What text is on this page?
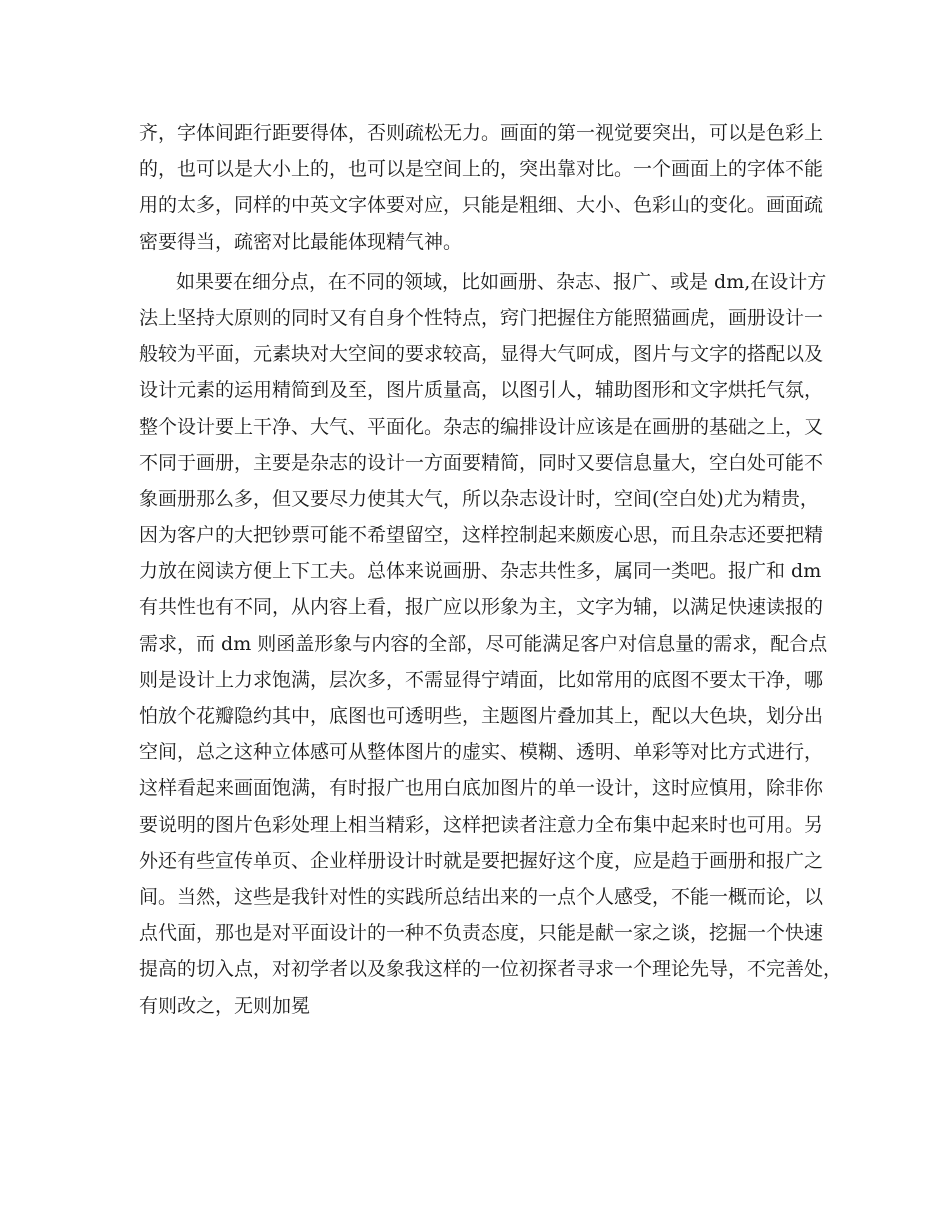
齐，字体间距行距要得体，否则疏松无力。画面的第一视觉要突出，可以是色彩上
的，也可以是大小上的，也可以是空间上的，突出靠对比。一个画面上的字体不能
用的太多，同样的中英文字体要对应，只能是粗细、大小、色彩山的变化。画面疏
密要得当，疏密对比最能体现精气神。
如果要在细分点，在不同的领域，比如画册、杂志、报广、或是 dm,在设计方
法上坚持大原则的同时又有自身个性特点，窍门把握住方能照猫画虎，画册设计一
般较为平面，元素块对大空间的要求较高，显得大气呵成，图片与文字的搭配以及
设计元素的运用精简到及至，图片质量高，以图引人，辅助图形和文字烘托气氛，
整个设计要上干净、大气、平面化。杂志的编排设计应该是在画册的基础之上，又
不同于画册，主要是杂志的设计一方面要精简，同时又要信息量大，空白处可能不
象画册那么多，但又要尽力使其大气，所以杂志设计时，空间(空白处)尤为精贵，
因为客户的大把钞票可能不希望留空，这样控制起来颇废心思，而且杂志还要把精
力放在阅读方便上下工夫。总体来说画册、杂志共性多，属同一类吧。报广和 dm
有共性也有不同，从内容上看，报广应以形象为主，文字为辅，以满足快速读报的
需求，而 dm 则函盖形象与内容的全部，尽可能满足客户对信息量的需求，配合点
则是设计上力求饱满，层次多，不需显得宁靖面，比如常用的底图不要太干净，哪
怕放个花瓣隐约其中，底图也可透明些，主题图片叠加其上，配以大色块，划分出
空间，总之这种立体感可从整体图片的虚实、模糊、透明、单彩等对比方式进行，
这样看起来画面饱满，有时报广也用白底加图片的单一设计，这时应慎用，除非你
要说明的图片色彩处理上相当精彩，这样把读者注意力全布集中起来时也可用。另
外还有些宣传单页、企业样册设计时就是要把握好这个度，应是趋于画册和报广之
间。当然，这些是我针对性的实践所总结出来的一点个人感受，不能一概而论，以
点代面，那也是对平面设计的一种不负责态度，只能是献一家之谈，挖掘一个快速
提高的切入点，对初学者以及象我这样的一位初探者寻求一个理论先导，不完善处，
有则改之，无则加冕
